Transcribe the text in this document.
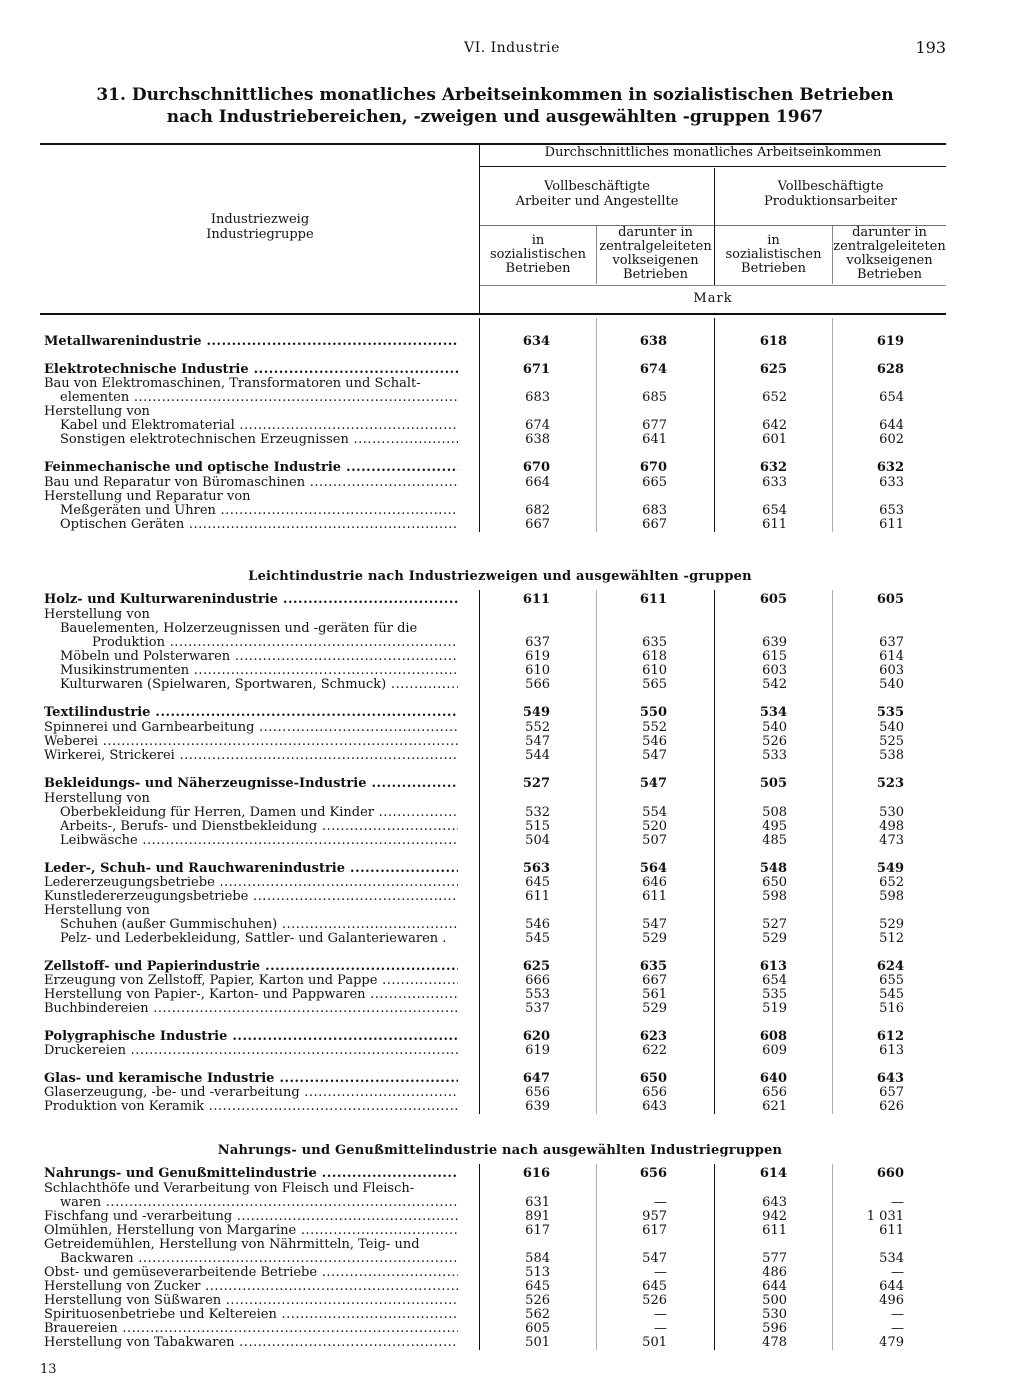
VI. Industrie	193
31. Durchschnittliches monatliches Arbeitseinkommen in sozialistischen Betrieben
nach Industriebereichen, -zweigen und ausgewählten -gruppen 1967
Industriezweig
Industriegruppe
Durchschnittliches monatliches Arbeitseinkommen
Vollbeschäftigte
Arbeiter und Angestellte
Vollbeschäftigte
Produktionsarbeiter
in
sozialistischen
Betrieben
darunter in
zentralgeleiteten
volkseigenen
Betrieben
in
sozialistischen
Betrieben
darunter in
zentralgeleiteten
volkseigenen
Betrieben
Mark
Leichtindustrie nach Industriezweigen und ausgewählten -gruppen
Nahrungs- und Genußmittelindustrie nach ausgewählten Industriegruppen
Metallwarenindustrie .....	634	638	618	619
Elektrotechnische Industrie .....	671	674	625	628
Bau von Elektromaschinen, Transformatoren und Schalt-
elementen .....	683	685	652	654
Herstellung von
Kabel und Elektromaterial .....	674	677	642	644
Sonstigen elektrotechnischen Erzeugnissen .....	638	641	601	602
Feinmechanische und optische Industrie .....	670	670	632	632
Bau und Reparatur von Büromaschinen .....	664	665	633	633
Herstellung und Reparatur von
Meßgeräten und Uhren .....	682	683	654	653
Optischen Geräten .....	667	667	611	611
Holz- und Kulturwarenindustrie .....	611	611	605	605
Herstellung von
Bauelementen, Holzerzeugnissen und -geräten für die
Produktion .....	637	635	639	637
Möbeln und Polsterwaren .....	619	618	615	614
Musikinstrumenten .....	610	610	603	603
Kulturwaren (Spielwaren, Sportwaren, Schmuck) .....	566	565	542	540
Textilindustrie .....	549	550	534	535
Spinnerei und Garnbearbeitung .....	552	552	540	540
Weberei .....	547	546	526	525
Wirkerei, Strickerei .....	544	547	533	538
Bekleidungs- und Näherzeugnisse-Industrie .....	527	547	505	523
Herstellung von
Oberbekleidung für Herren, Damen und Kinder .....	532	554	508	530
Arbeits-, Berufs- und Dienstbekleidung .....	515	520	495	498
Leibwäsche .....	504	507	485	473
Leder-, Schuh- und Rauchwarenindustrie .....	563	564	548	549
Ledererzeugungsbetriebe .....	645	646	650	652
Kunstledererzeugungsbetriebe .....	611	611	598	598
Herstellung von
Schuhen (außer Gummischuhen) .....	546	547	527	529
Pelz- und Lederbekleidung, Sattler- und Galanteriewaren .	545	529	529	512
Zellstoff- und Papierindustrie .....	625	635	613	624
Erzeugung von Zellstoff, Papier, Karton und Pappe .....	666	667	654	655
Herstellung von Papier-, Karton- und Pappwaren .....	553	561	535	545
Buchbindereien .....	537	529	519	516
Polygraphische Industrie .....	620	623	608	612
Druckereien .....	619	622	609	613
Glas- und keramische Industrie .....	647	650	640	643
Glaserzeugung, -be- und -verarbeitung .....	656	656	656	657
Produktion von Keramik .....	639	643	621	626
Nahrungs- und Genußmittelindustrie .....	616	656	614	660
Schlachthöfe und Verarbeitung von Fleisch und Fleisch-
waren .....	631	—	643	—
Fischfang und -verarbeitung .....	891	957	942	1 031
Ölmühlen, Herstellung von Margarine .....	617	617	611	611
Getreidemühlen, Herstellung von Nährmitteln, Teig- und
Backwaren .....	584	547	577	534
Obst- und gemüseverarbeitende Betriebe .....	513	—	486	—
Herstellung von Zucker .....	645	645	644	644
Herstellung von Süßwaren .....	526	526	500	496
Spirituosenbetriebe und Keltereien .....	562	—	530	—
Brauereien .....	605	—	596	—
Herstellung von Tabakwaren .....	501	501	478	479
13
